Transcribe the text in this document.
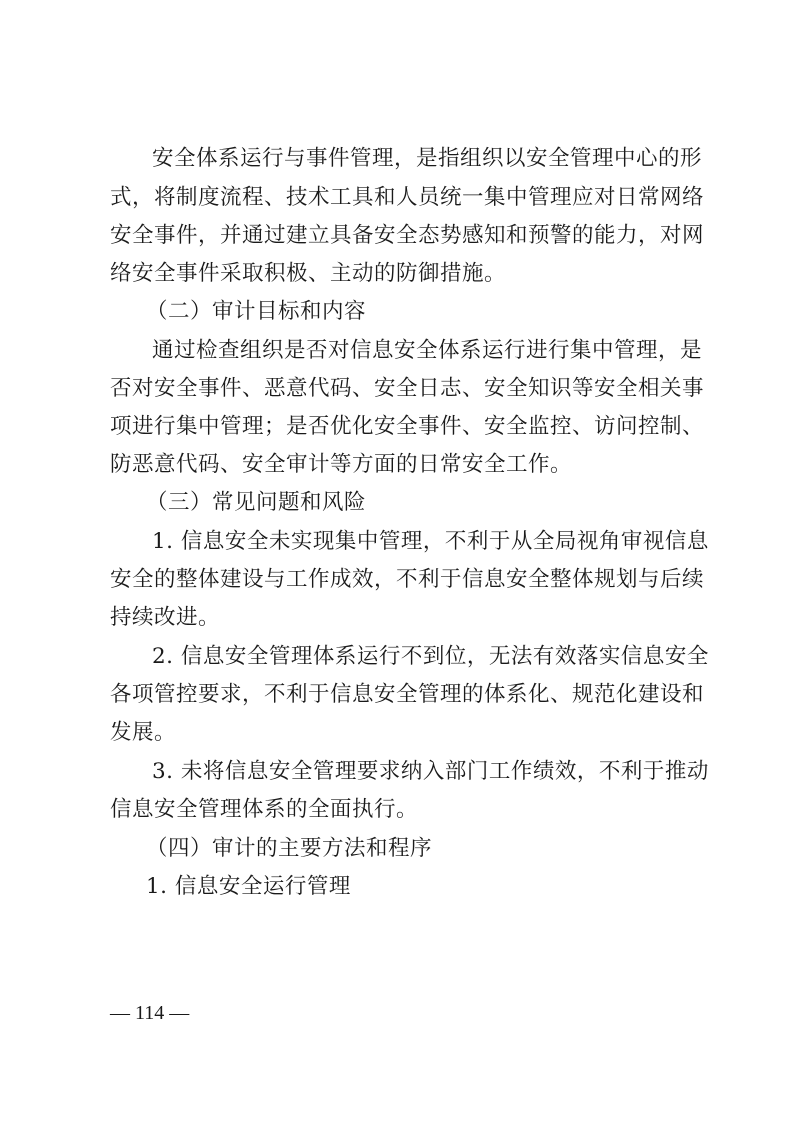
安全体系运行与事件管理，是指组织以安全管理中心的形
式，将制度流程、技术工具和人员统一集中管理应对日常网络
安全事件，并通过建立具备安全态势感知和预警的能力，对网
络安全事件采取积极、主动的防御措施。
（二）审计目标和内容
通过检查组织是否对信息安全体系运行进行集中管理，是
否对安全事件、恶意代码、安全日志、安全知识等安全相关事
项进行集中管理；是否优化安全事件、安全监控、访问控制、
防恶意代码、安全审计等方面的日常安全工作。
（三）常见问题和风险
1. 信息安全未实现集中管理，不利于从全局视角审视信息
安全的整体建设与工作成效，不利于信息安全整体规划与后续
持续改进。
2. 信息安全管理体系运行不到位，无法有效落实信息安全
各项管控要求，不利于信息安全管理的体系化、规范化建设和
发展。
3. 未将信息安全管理要求纳入部门工作绩效，不利于推动
信息安全管理体系的全面执行。
（四）审计的主要方法和程序
1. 信息安全运行管理
— 114 —
